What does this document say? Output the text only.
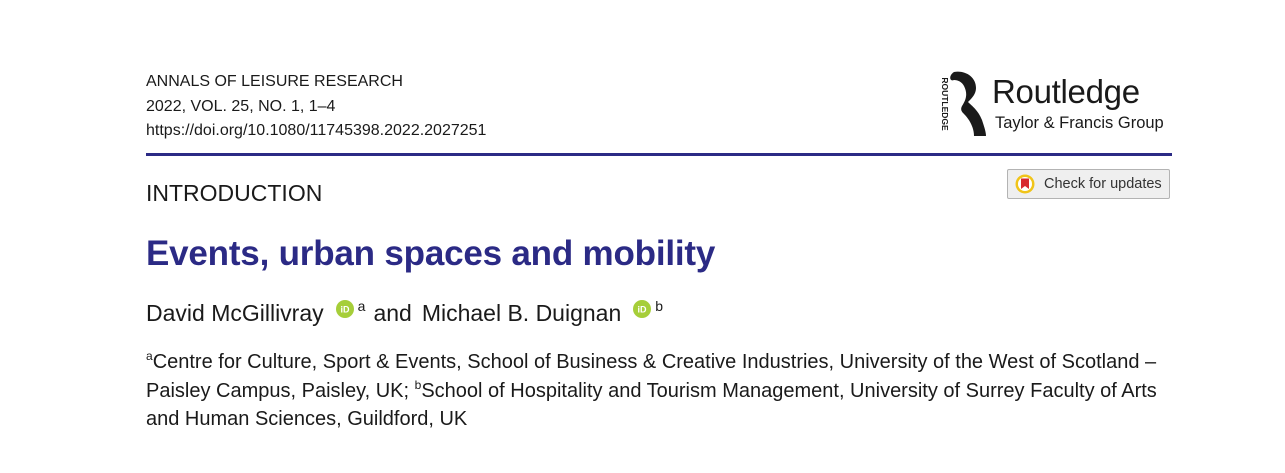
ANNALS OF LEISURE RESEARCH
2022, VOL. 25, NO. 1, 1–4
https://doi.org/10.1080/11745398.2022.2027251	ROUTLEDGE Routledge
Taylor & Francis Group
INTRODUCTION	Check for updates
Events, urban spaces and mobility
David McGillivray iD a and Michael B. Duignan iD b
$^a$Centre for Culture, Sport & Events, School of Business & Creative Industries, University of the West of Scotland – Paisley Campus, Paisley, UK; $^b$School of Hospitality and Tourism Management, University of Surrey Faculty of Arts and Human Sciences, Guildford, UK
